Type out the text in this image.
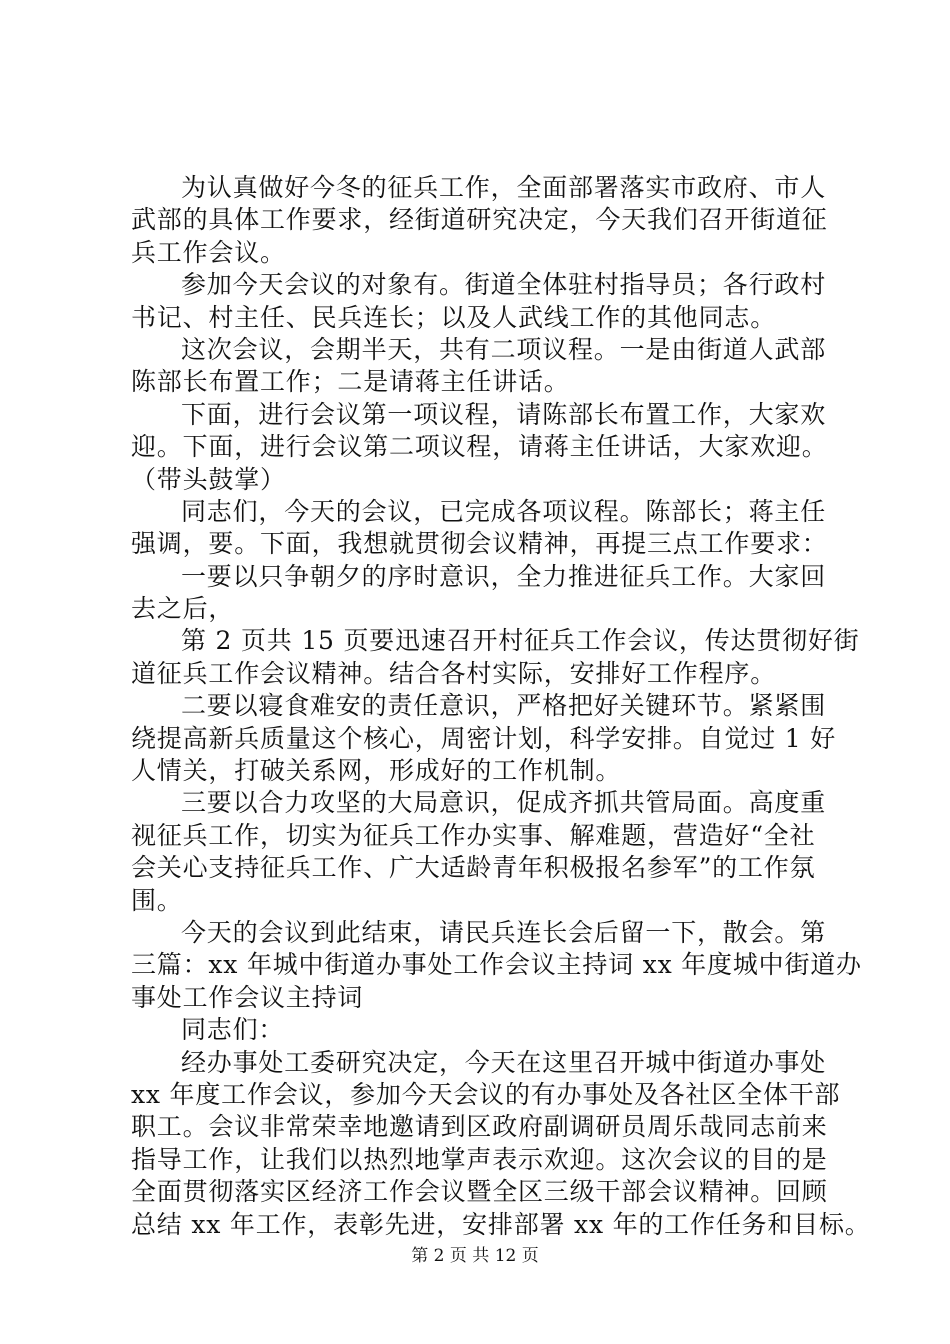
为认真做好今冬的征兵工作，全面部署落实市政府、市人
武部的具体工作要求，经街道研究决定，今天我们召开街道征
兵工作会议。
参加今天会议的对象有。街道全体驻村指导员；各行政村
书记、村主任、民兵连长；以及人武线工作的其他同志。
这次会议，会期半天，共有二项议程。一是由街道人武部
陈部长布置工作；二是请蒋主任讲话。
下面，进行会议第一项议程，请陈部长布置工作，大家欢
迎。下面，进行会议第二项议程，请蒋主任讲话，大家欢迎。
（带头鼓掌）
同志们，今天的会议，已完成各项议程。陈部长；蒋主任
强调，要。下面，我想就贯彻会议精神，再提三点工作要求：
一要以只争朝夕的序时意识，全力推进征兵工作。大家回
去之后，
第 2 页共 15 页要迅速召开村征兵工作会议，传达贯彻好街
道征兵工作会议精神。结合各村实际，安排好工作程序。
二要以寝食难安的责任意识，严格把好关键环节。紧紧围
绕提高新兵质量这个核心，周密计划，科学安排。自觉过 1 好
人情关，打破关系网，形成好的工作机制。
三要以合力攻坚的大局意识，促成齐抓共管局面。高度重
视征兵工作，切实为征兵工作办实事、解难题，营造好“全社
会关心支持征兵工作、广大适龄青年积极报名参军”的工作氛
围。
今天的会议到此结束，请民兵连长会后留一下，散会。第
三篇：xx 年城中街道办事处工作会议主持词 xx 年度城中街道办
事处工作会议主持词
同志们：
经办事处工委研究决定，今天在这里召开城中街道办事处
xx 年度工作会议，参加今天会议的有办事处及各社区全体干部
职工。会议非常荣幸地邀请到区政府副调研员周乐哉同志前来
指导工作，让我们以热烈地掌声表示欢迎。这次会议的目的是
全面贯彻落实区经济工作会议暨全区三级干部会议精神。回顾
总结 xx 年工作，表彰先进，安排部署 xx 年的工作任务和目标。
第 2 页 共 12 页
